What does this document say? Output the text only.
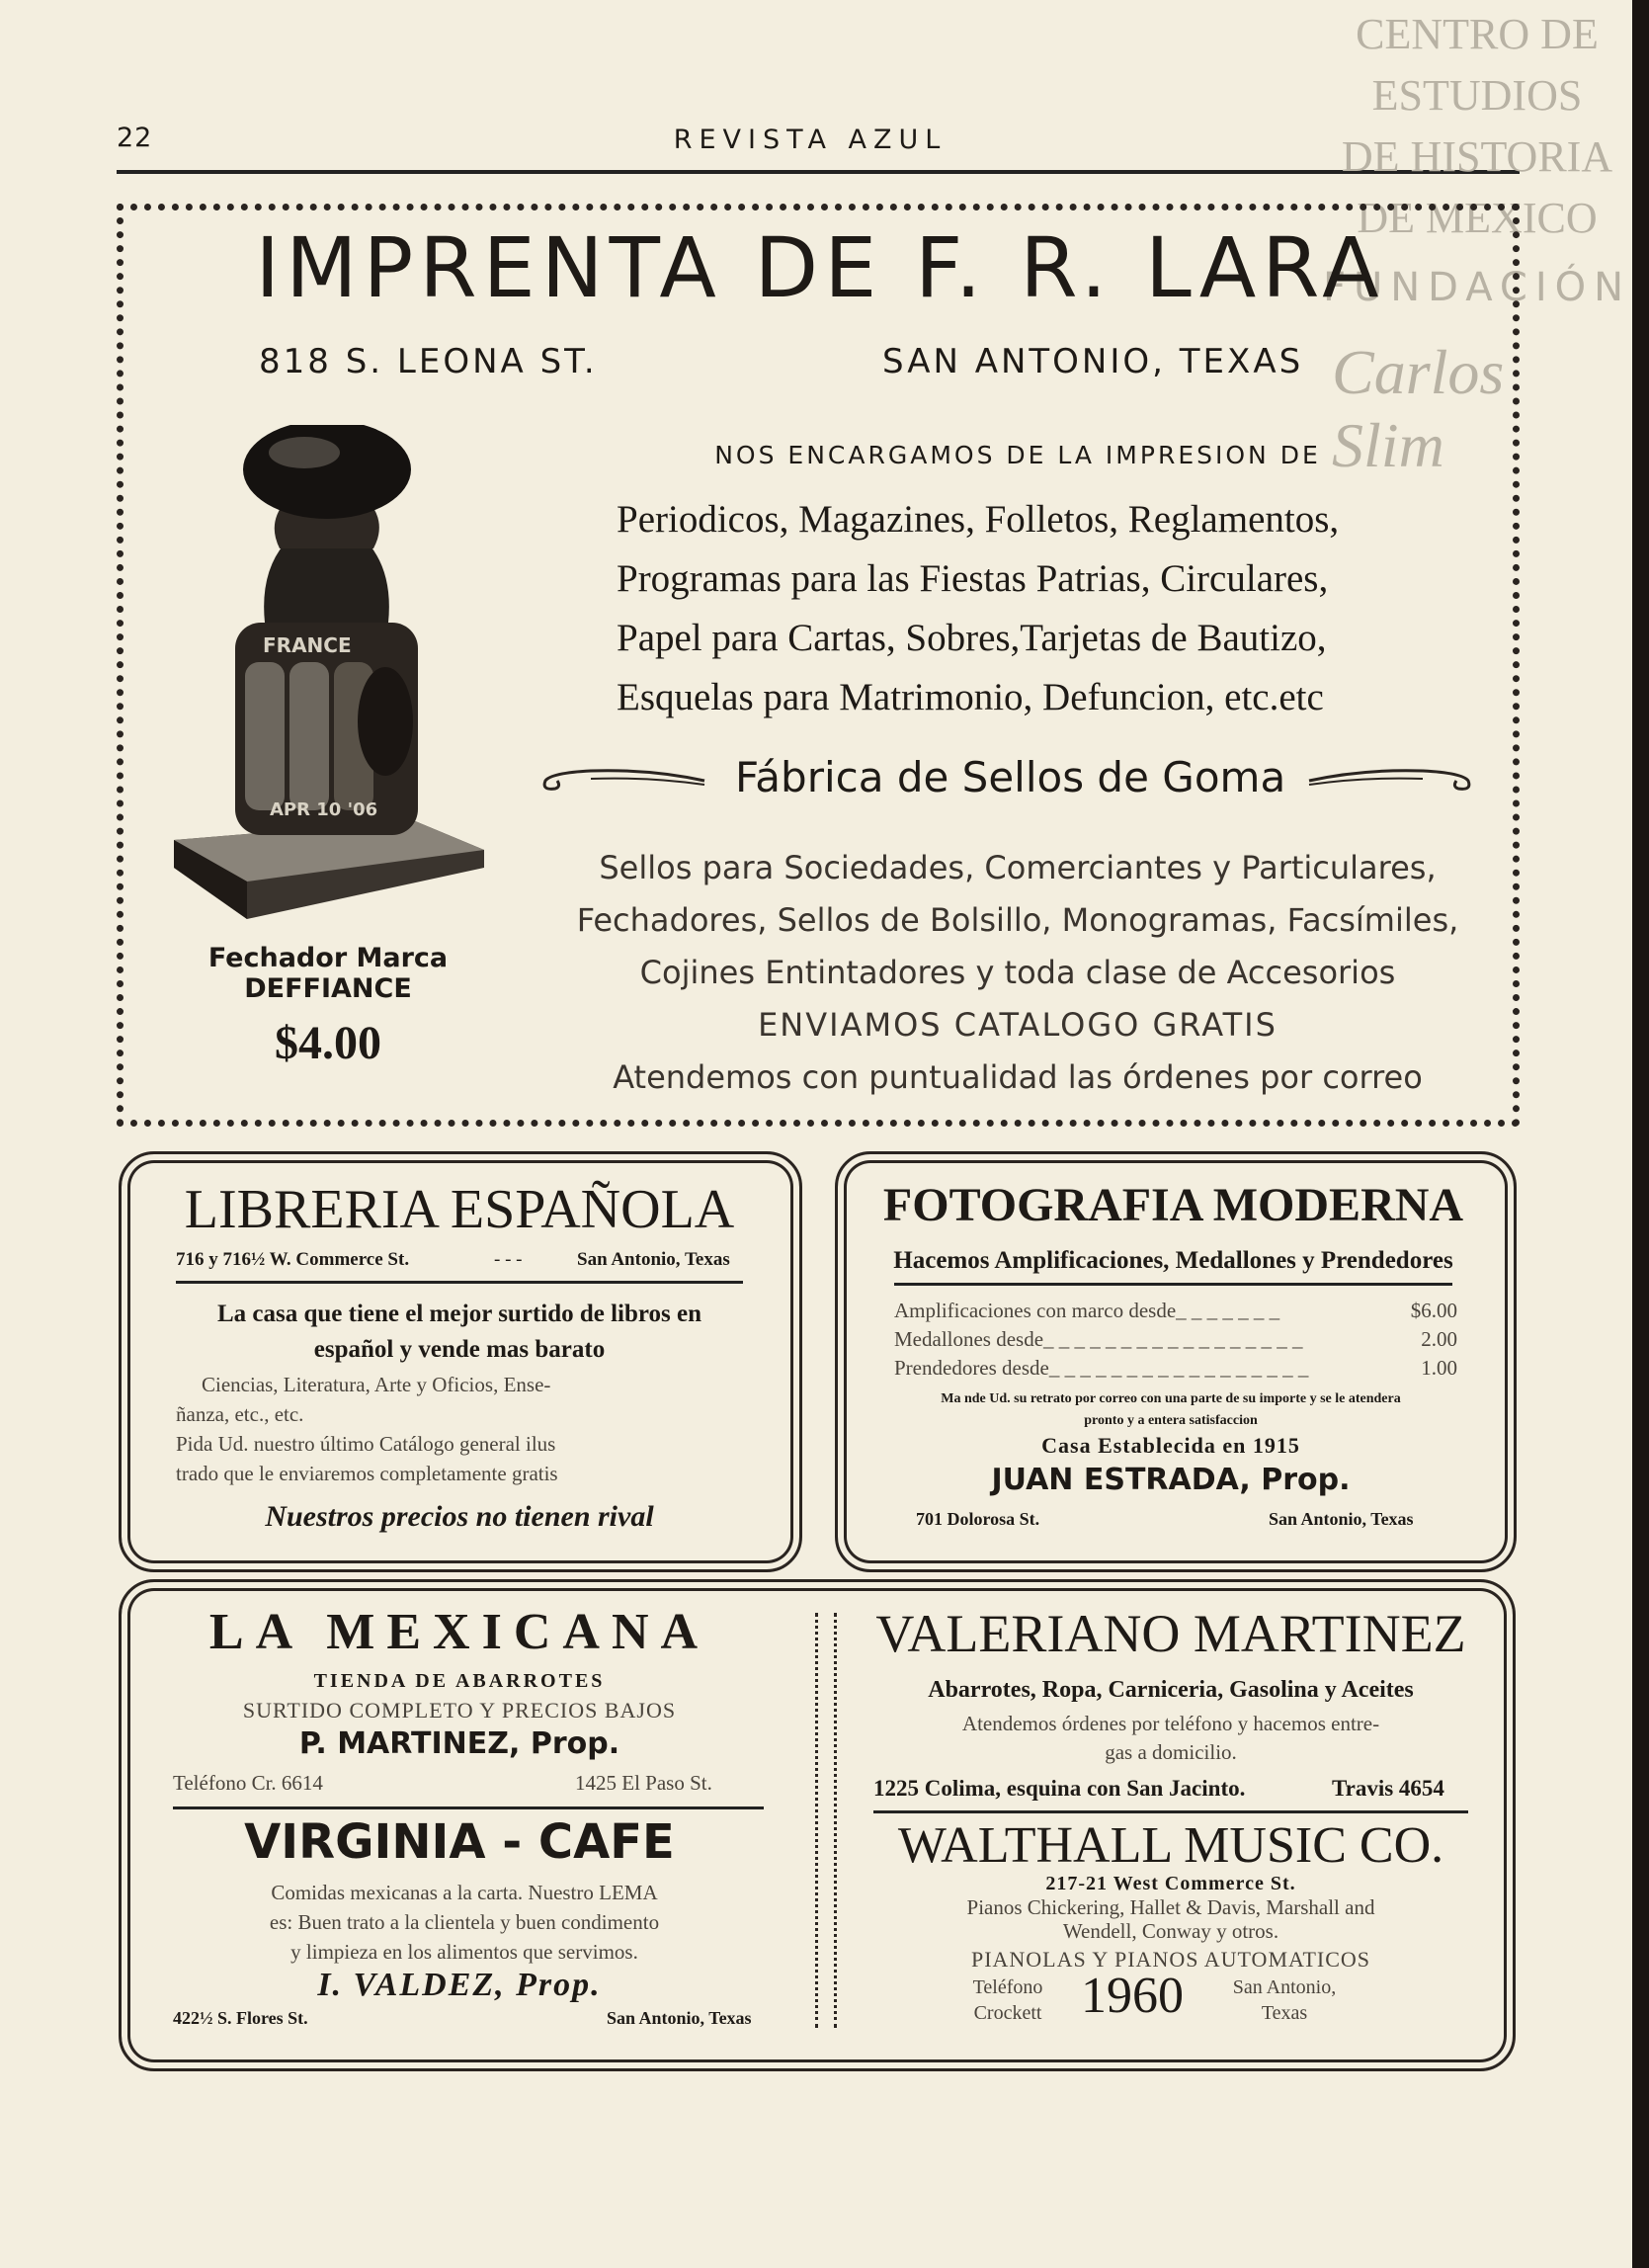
22	REVISTA AZUL
CENTRO DE
ESTUDIOS
DE HISTORIA
DE MEXICO
FUNDACIÓN
Carlos Slim
IMPRENTA DE F. R. LARA
818 S. LEONA ST.	SAN ANTONIO, TEXAS
FRANCE
APR 10 '06
Fechador Marca DEFFIANCE
$4.00
NOS ENCARGAMOS DE LA IMPRESION DE
Periodicos, Magazines, Folletos, Reglamentos,
Programas para las Fiestas Patrias, Circulares,
Papel para Cartas, Sobres,Tarjetas de Bautizo,
Esquelas para Matrimonio, Defuncion, etc.etc
Fábrica de Sellos de Goma
Sellos para Sociedades, Comerciantes y Particulares,
Fechadores, Sellos de Bolsillo, Monogramas, Facsímiles,
Cojines Entintadores y toda clase de Accesorios
ENVIAMOS CATALOGO GRATIS
Atendemos con puntualidad las órdenes por correo
LIBRERIA ESPAÑOLA
716 y 716½ W. Commerce St.	- - -	San Antonio, Texas
La casa que tiene el mejor surtido de libros en
español y vende mas barato
Ciencias, Literatura, Arte y Oficios, Ense-
ñanza, etc., etc.
Pida Ud. nuestro último Catálogo general ilus
trado que le enviaremos completamente gratis
Nuestros precios no tienen rival
FOTOGRAFIA MODERNA
Hacemos Amplificaciones, Medallones y Prendedores
Amplificaciones con marco desde_ _ _ _ _ _ _	$6.00
Medallones desde_ _ _ _ _ _ _ _ _ _ _ _ _ _ _ _ _	2.00
Prendedores desde_ _ _ _ _ _ _ _ _ _ _ _ _ _ _ _ _	1.00
Ma nde Ud. su retrato por correo con una parte de su importe y se le atendera
pronto y a entera satisfaccion
Casa Establecida en 1915
JUAN ESTRADA, Prop.
701 Dolorosa St.	San Antonio, Texas
LA MEXICANA
TIENDA DE ABARROTES
SURTIDO COMPLETO Y PRECIOS BAJOS
P. MARTINEZ, Prop.
Teléfono Cr. 6614	1425 El Paso St.
VIRGINIA - CAFE
Comidas mexicanas a la carta. Nuestro LEMA
es: Buen trato a la clientela y buen condimento
y limpieza en los alimentos que servimos.
I. VALDEZ, Prop.
422½ S. Flores St.	San Antonio, Texas
VALERIANO MARTINEZ
Abarrotes, Ropa, Carniceria, Gasolina y Aceites
Atendemos órdenes por teléfono y hacemos entre-
gas a domicilio.
1225 Colima, esquina con San Jacinto.	Travis 4654
WALTHALL MUSIC CO.
217-21 West Commerce St.
Pianos Chickering, Hallet & Davis, Marshall and
Wendell, Conway y otros.
PIANOLAS Y PIANOS AUTOMATICOS
Teléfono
Crockett 1960	San Antonio,
Texas
